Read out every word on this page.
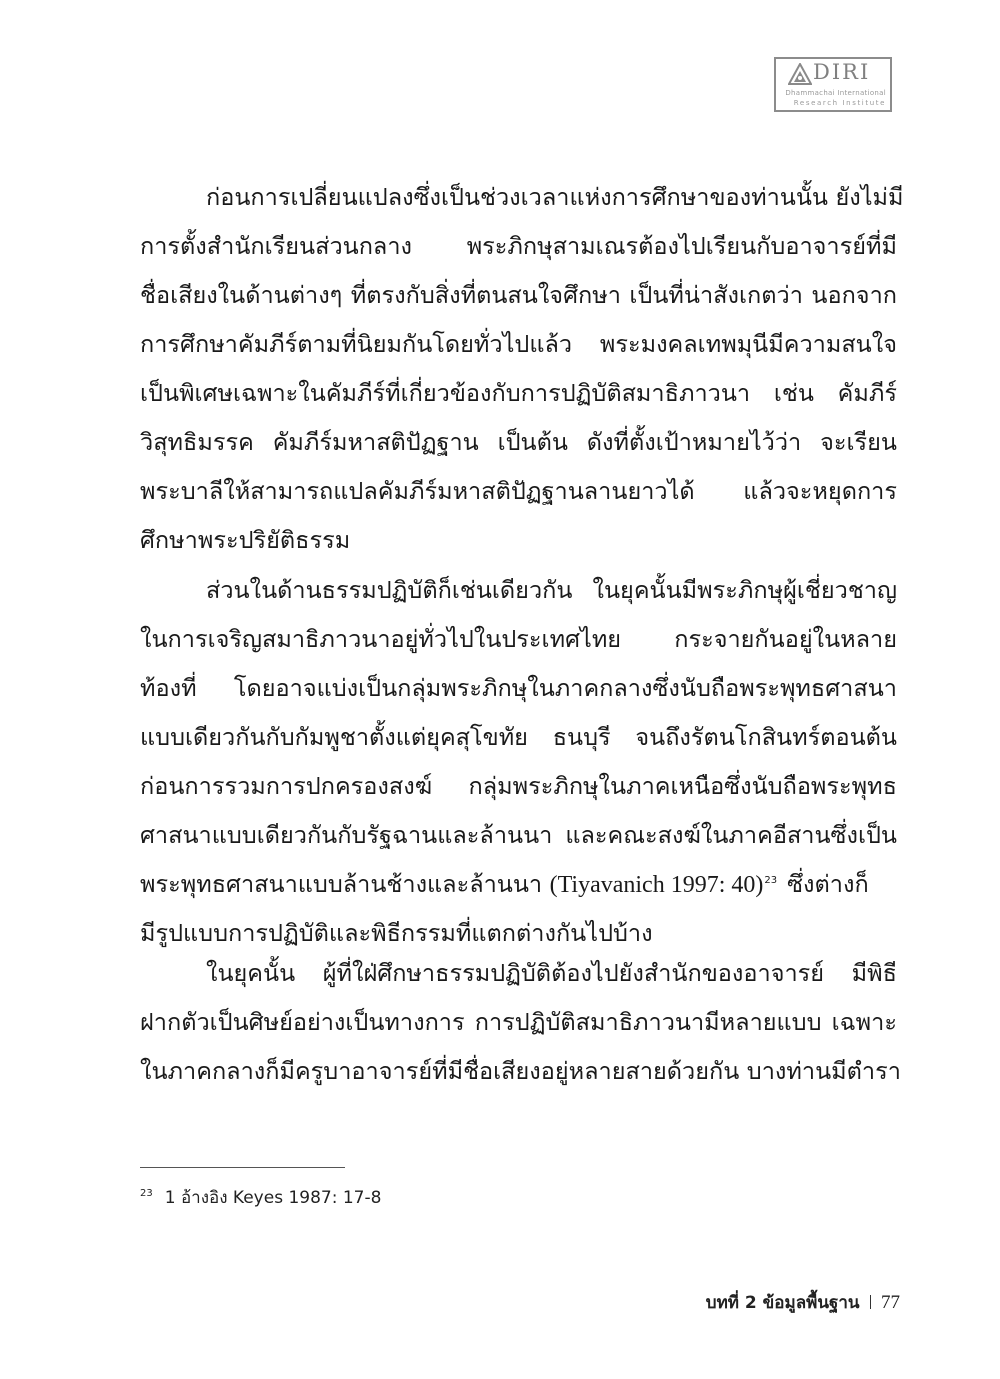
DIRI
Dhammachai International
Research Institute
ก่อนการเปลี่ยนแปลงซึ่งเป็นช่วงเวลาแห่งการศึกษาของท่านนั้น ยังไม่มี
การตั้งสำนักเรียนส่วนกลาง พระภิกษุสามเณรต้องไปเรียนกับอาจารย์ที่มี
ชื่อเสียงในด้านต่างๆ ที่ตรงกับสิ่งที่ตนสนใจศึกษา เป็นที่น่าสังเกตว่า นอกจาก
การศึกษาคัมภีร์ตามที่นิยมกันโดยทั่วไปแล้ว พระมงคลเทพมุนีมีความสนใจ
เป็นพิเศษเฉพาะในคัมภีร์ที่เกี่ยวข้องกับการปฏิบัติสมาธิภาวนา เช่น คัมภีร์
วิสุทธิมรรค คัมภีร์มหาสติปัฏฐาน เป็นต้น ดังที่ตั้งเป้าหมายไว้ว่า จะเรียน
พระบาลีให้สามารถแปลคัมภีร์มหาสติปัฏฐานลานยาวได้ แล้วจะหยุดการ
ศึกษาพระปริยัติธรรม
ส่วนในด้านธรรมปฏิบัติก็เช่นเดียวกัน ในยุคนั้นมีพระภิกษุผู้เชี่ยวชาญ
ในการเจริญสมาธิภาวนาอยู่ทั่วไปในประเทศไทย กระจายกันอยู่ในหลาย
ท้องที่ โดยอาจแบ่งเป็นกลุ่มพระภิกษุในภาคกลางซึ่งนับถือพระพุทธศาสนา
แบบเดียวกันกับกัมพูชาตั้งแต่ยุคสุโขทัย ธนบุรี จนถึงรัตนโกสินทร์ตอนต้น
ก่อนการรวมการปกครองสงฆ์ กลุ่มพระภิกษุในภาคเหนือซึ่งนับถือพระพุทธ
ศาสนาแบบเดียวกันกับรัฐฉานและล้านนา และคณะสงฆ์ในภาคอีสานซึ่งเป็น
พระพุทธศาสนาแบบล้านช้างและล้านนา (Tiyavanich 1997: 40)$^{23}$ ซึ่งต่างก็
มีรูปแบบการปฏิบัติและพิธีกรรมที่แตกต่างกันไปบ้าง
ในยุคนั้น ผู้ที่ใฝ่ศึกษาธรรมปฏิบัติต้องไปยังสำนักของอาจารย์ มีพิธี
ฝากตัวเป็นศิษย์อย่างเป็นทางการ การปฏิบัติสมาธิภาวนามีหลายแบบ เฉพาะ
ในภาคกลางก็มีครูบาอาจารย์ที่มีชื่อเสียงอยู่หลายสายด้วยกัน บางท่านมีตำรา
$^{23}$ 1 อ้างอิง Keyes 1987: 17-8
บทที่ 2 ข้อมูลพื้นฐาน 77
